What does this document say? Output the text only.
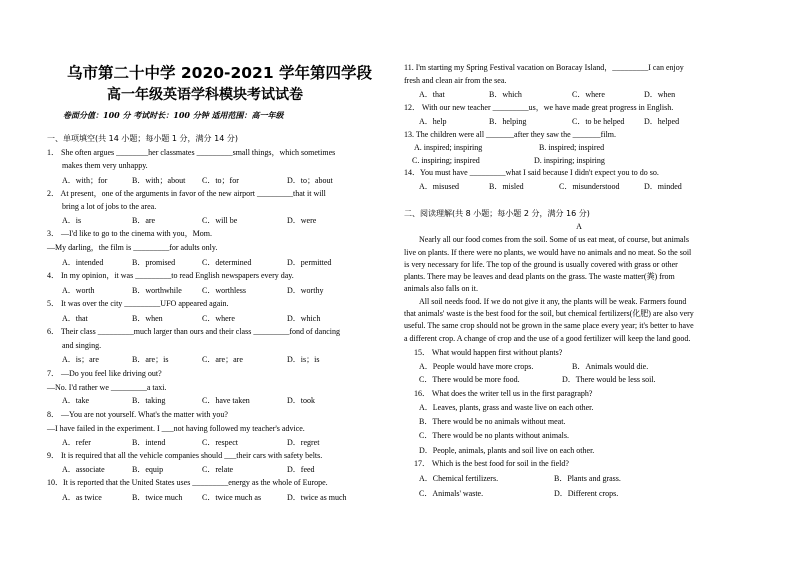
乌市第二十中学 2020-2021 学年第四学段
高一年级英语学科模块考试试卷
卷面分值：100 分 考试时长：100 分钟 适用范围：高一年级
一、单项填空(共 14 小题；每小题 1 分，满分 14 分)
1． She often argues ________her classmates _________small things，which sometimes
makes them very unhappy.
A．with；for	B．with；about C．to；for	D．to；about
2． At present，one of the arguments in favor of the new airport _________that it will
bring a lot of jobs to the area.
A．is	B．are	C．will be	D．were
3． —I'd like to go to the cinema with you，Mom.
—My darling，the film is _________for adults only.
A．intended	B．promised	C．determined	D．permitted
4． In my opinion，it was _________to read English newspapers every day.
A．worth	B．worthwhile	C．worthless	D．worthy
5． It was over the city _________UFO appeared again.
A．that	B．when	C．where	D．which
6． Their class _________much larger than ours and their class _________fond of dancing
and singing.
A．is；are	B．are；is	C．are；are	D．is；is
7． —Do you feel like driving out?
—No. I'd rather we _________a taxi.
A．take	B．taking	C．have taken	D．took
8． —You are not yourself. What's the matter with you?
—I have failed in the experiment. I ___not having followed my teacher's advice.
A．refer	B．intend	C．respect	D．regret
9． It is required that all the vehicle companies should ___their cars with safety belts.
A．associate	B．equip	C．relate	D．feed
10．It is reported that the United States uses _________energy as the whole of Europe.
A．as twice	B．twice much C．twice much as	D．twice as much
11. I'm starting my Spring Festival vacation on Boracay Island，_________I can enjoy
fresh and clean air from the sea.
A．that	B．which	C．where	D．when
12． With our new teacher _________us，we have made great progress in English.
A．help	B．helping	C．to be helped D．helped
13. The children were all _______after they saw the _______film.
A. inspired; inspiring	B. inspired; inspired
C. inspiring; inspired	D. inspiring; inspiring
14．You must have _________what I said because I didn't expect you to do so.
A．misused	B．misled	C．misunderstood	D．minded
二、阅读理解(共 8 小题；每小题 2 分，满分 16 分)
A
Nearly all our food comes from the soil. Some of us eat meat, of course, but animals
live on plants. If there were no plants, we would have no animals and no meat. So the soil
is very necessary for life. The top of the ground is usually covered with grass or other
plants. There may be leaves and dead plants on the grass. The waste matter(粪) from
animals also falls on it.
All soil needs food. If we do not give it any, the plants will be weak. Farmers found
that animals' waste is the best food for the soil, but chemical fertilizers(化肥) are also very
useful. The same crop should not be grown in the same place every year; it's better to have
a different crop. A change of crop and the use of a good fertilizer will keep the land good.
15． What would happen first without plants?
A．People would have more crops.	B．Animals would die.
C．There would be more food.	D．There would be less soil.
16． What does the writer tell us in the first paragraph?
A．Leaves, plants, grass and waste live on each other.
B．There would be no animals without meat.
C．There would be no plants without animals.
D．People, animals, plants and soil live on each other.
17． Which is the best food for soil in the field?
A．Chemical fertilizers.	B．Plants and grass.
C．Animals' waste.	D．Different crops.
